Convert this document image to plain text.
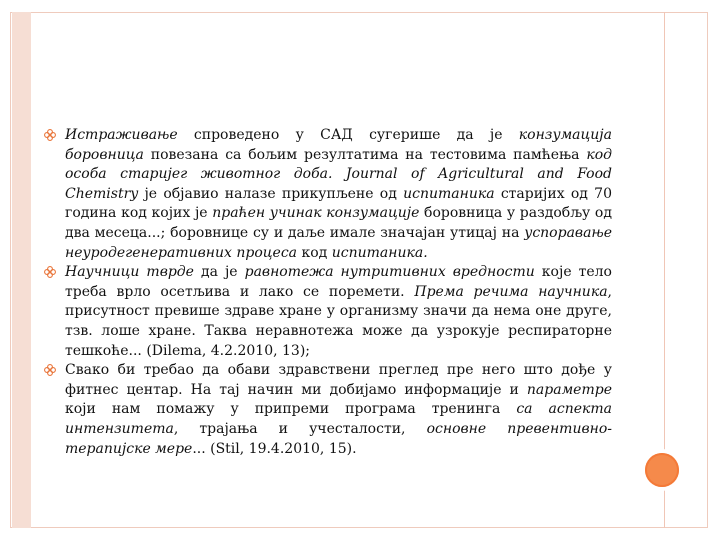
Истраживање спроведено у САД сугерише да је конзумација боровница повезана са бољим резултатима на тестовима памћења код особа старијег животног доба. Journal of Agricultural and Food Chemistry је објавио налазе прикупљене од испитаника старијих од 70 година код којих је праћен учинак конзумације боровница у раздобљу од два месеца...; боровнице су и даље имале значајан утицај на успоравање неуродегенеративних процеса код испитаника.
Научници тврде да је равнотежа нутритивних вредности које тело треба врло осетљива и лако се поремети. Према речима научника, присутност превише здраве хране у организму значи да нема оне друге, тзв. лоше хране. Таква неравнотежа може да узрокује респираторне тешкоће... (Dilema, 4.2.2010, 13);
Свако би требао да обави здравствени преглед пре него што дође у фитнес центар. На тај начин ми добијамо информације и параметре који нам помажу у припреми програма тренинга са аспекта интензитета, трајања и учесталости, основне превентивно-терапијске мере... (Stil, 19.4.2010, 15).
